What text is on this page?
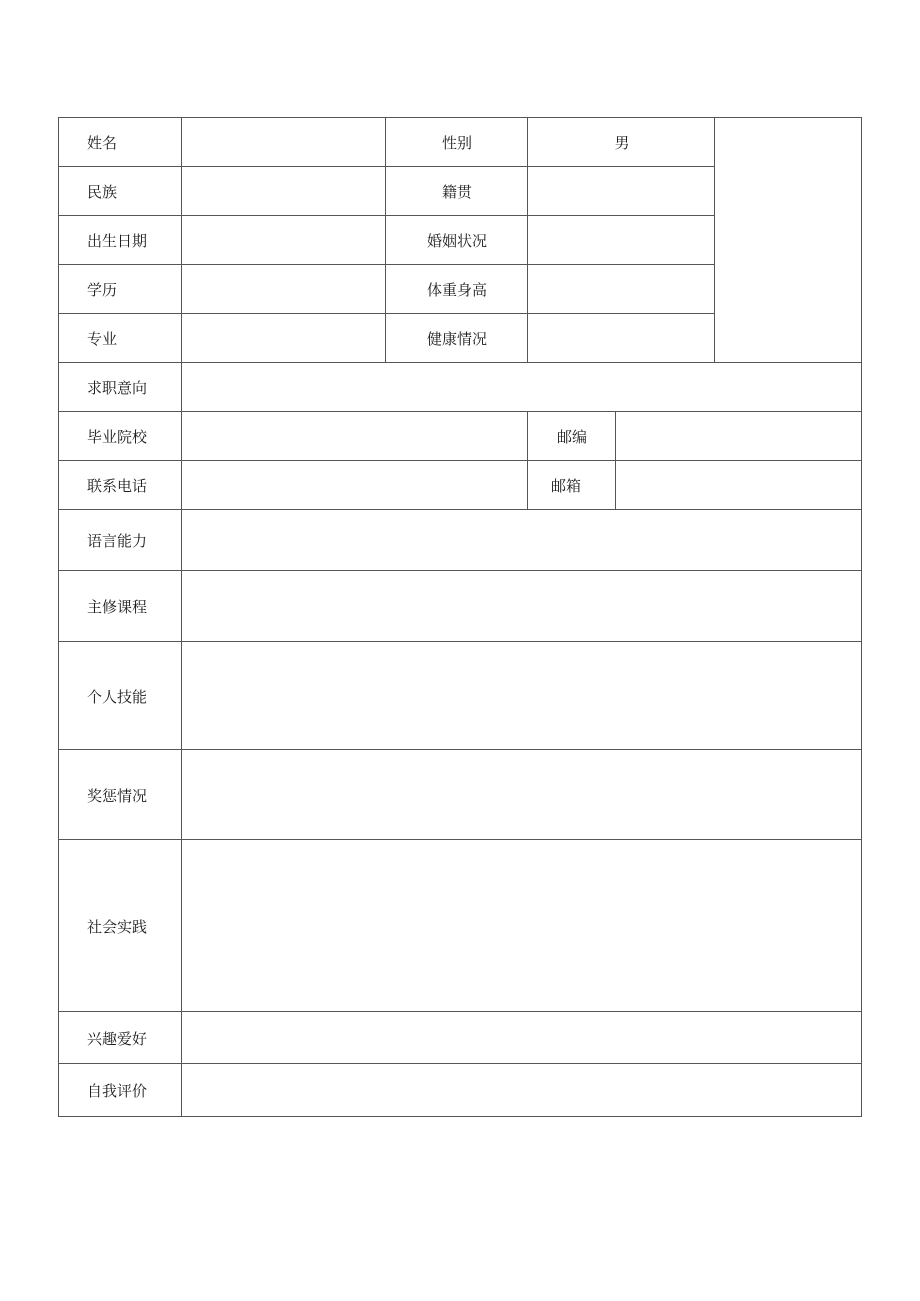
姓名	性别	男
民族	籍贯
出生日期	婚姻状况
学历	体重身高
专业	健康情况
求职意向
毕业院校	邮编
联系电话	邮箱
语言能力
主修课程
个人技能
奖惩情况
社会实践
兴趣爱好
自我评价
